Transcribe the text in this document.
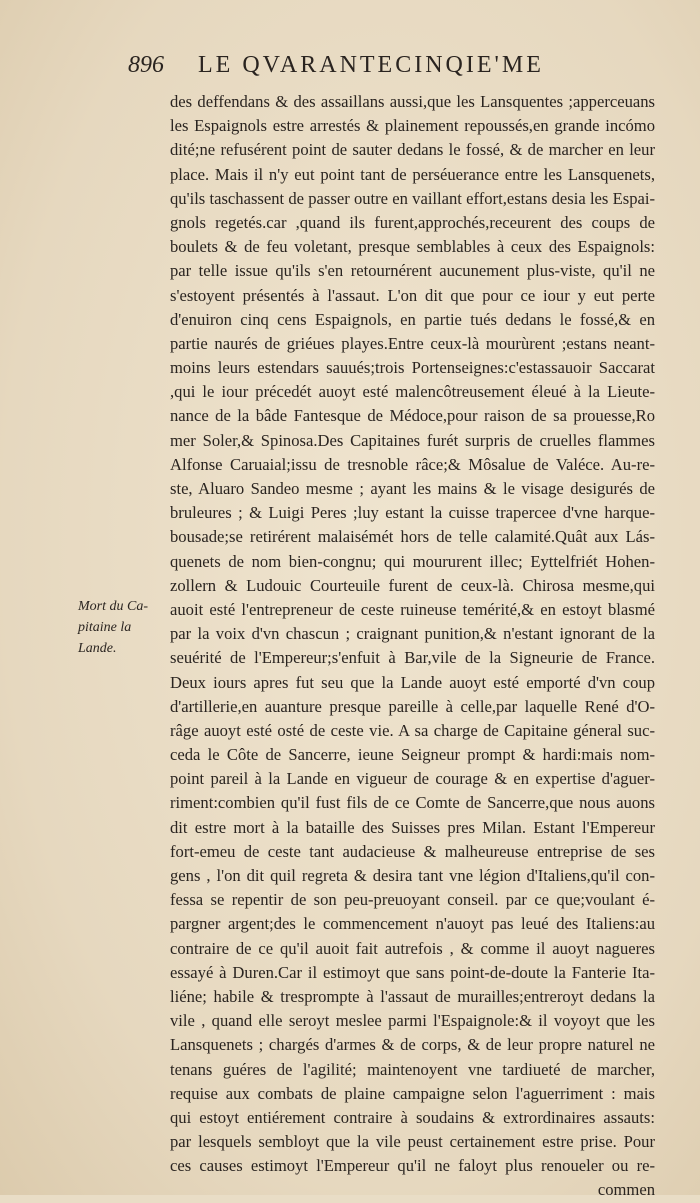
896	LE QVARANTECINQIE'ME
Mort du Ca-
pitaine la
Lande.
des deffendans & des assaillans aussi,que les Lansquentes ;apperceuans
les Espaignols estre arrestés & plainement repoussés,en grande incómo
dité;ne refusérent point de sauter dedans le fossé, & de marcher en leur
place. Mais il n'y eut point tant de perséuerance entre les Lansquenets,
qu'ils taschassent de passer outre en vaillant effort,estans desia les Espai-
gnols regetés.car ,quand ils furent,approchés,receurent des coups de
boulets & de feu voletant, presque semblables à ceux des Espaignols:
par telle issue qu'ils s'en retournérent aucunement plus-viste, qu'il ne
s'estoyent présentés à l'assaut. L'on dit que pour ce iour y eut perte
d'enuiron cinq cens Espaignols, en partie tués dedans le fossé,& en
partie naurés de griéues playes.Entre ceux-là mourùrent ;estans neant-
moins leurs estendars sauués;trois Portenseignes:c'estassauoir Saccarat
,qui le iour précedét auoyt esté malencôtreusement éleué à la Lieute-
nance de la bâde Fantesque de Médoce,pour raison de sa prouesse,Ro
mer Soler,& Spinosa.Des Capitaines furét surpris de cruelles flammes
Alfonse Caruaial;issu de tresnoble râce;& Môsalue de Valéce. Au-re-
ste, Aluaro Sandeo mesme ; ayant les mains & le visage desigurés de
bruleures ; & Luigi Peres ;luy estant la cuisse trapercee d'vne harque-
bousade;se retirérent malaisémét hors de telle calamité.Quât aux Lás-
quenets de nom bien-congnu; qui moururent illec; Eyttelfriét Hohen-
zollern & Ludouic Courteuile furent de ceux-là. Chirosa mesme,qui
auoit esté l'entrepreneur de ceste ruineuse temérité,& en estoyt blasmé
par la voix d'vn chascun ; craignant punition,& n'estant ignorant de la
seuérité de l'Empereur;s'enfuit à Bar,vile de la Signeurie de France.
Deux iours apres fut seu que la Lande auoyt esté emporté d'vn coup
d'artillerie,en auanture presque pareille à celle,par laquelle René d'O-
râge auoyt esté osté de ceste vie. A sa charge de Capitaine géneral suc-
ceda le Côte de Sancerre, ieune Seigneur prompt & hardi:mais nom-
point pareil à la Lande en vigueur de courage & en expertise d'aguer-
riment:combien qu'il fust fils de ce Comte de Sancerre,que nous auons
dit estre mort à la bataille des Suisses pres Milan. Estant l'Empereur
fort-emeu de ceste tant audacieuse & malheureuse entreprise de ses
gens , l'on dit quil regreta & desira tant vne légion d'Italiens,qu'il con-
fessa se repentir de son peu-preuoyant conseil. par ce que;voulant é-
pargner argent;des le commencement n'auoyt pas leué des Italiens:au
contraire de ce qu'il auoit fait autrefois , & comme il auoyt nagueres
essayé à Duren.Car il estimoyt que sans point-de-doute la Fanterie Ita-
liéne; habile & tresprompte à l'assaut de murailles;entreroyt dedans la
vile , quand elle seroyt meslee parmi l'Espaignole:& il voyoyt que les
Lansquenets ; chargés d'armes & de corps, & de leur propre naturel ne
tenans guéres de l'agilité; maintenoyent vne tardiueté de marcher,
requise aux combats de plaine campaigne selon l'aguerriment : mais
qui estoyt entiérement contraire à soudains & extrordinaires assauts:
par lesquels sembloyt que la vile peust certainement estre prise. Pour
ces causes estimoyt l'Empereur qu'il ne faloyt plus renoueler ou re-
commen
